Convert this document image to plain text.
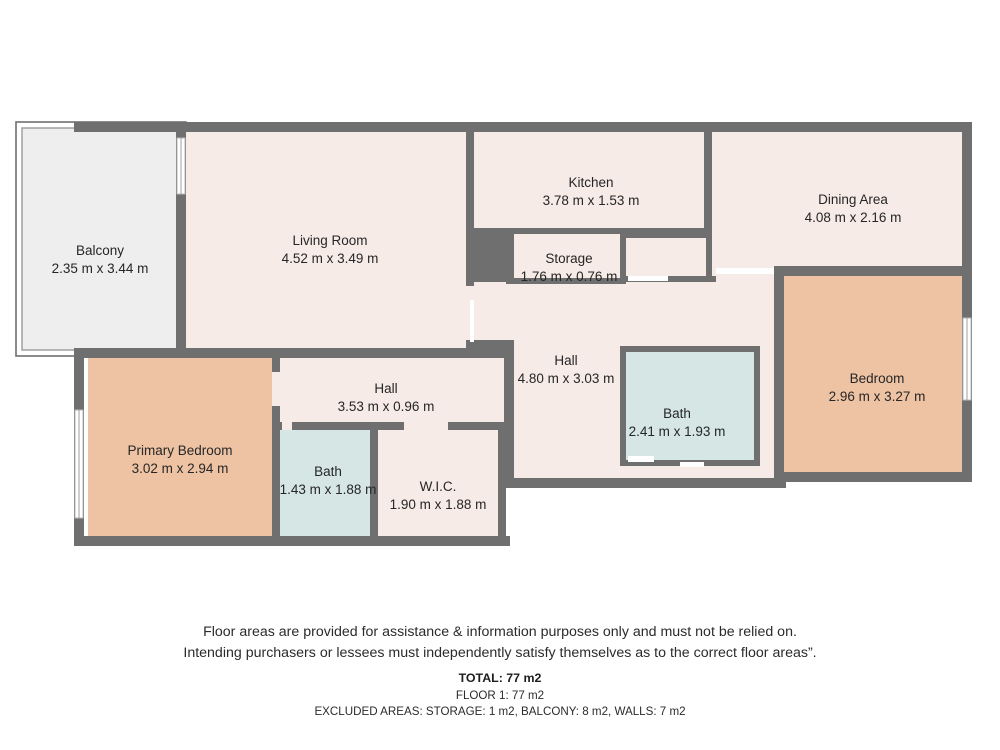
Balcony
2.35 m x 3.44 m
Living Room
4.52 m x 3.49 m
Kitchen
3.78 m x 1.53 m	Dining Area
4.08 m x 2.16 m
Storage
1.76 m x 0.76 m
Hall
4.80 m x 3.03 m	Bedroom
2.96 m x 3.27 m
Bath
2.41 m x 1.93 m
Hall
3.53 m x 0.96 m
Primary Bedroom
3.02 m x 2.94 m	Bath
1.43 m x 1.88 m	W.I.C.
1.90 m x 1.88 m
Floor areas are provided for assistance & information purposes only and must not be relied on.
Intending purchasers or lessees must independently satisfy themselves as to the correct floor areas”.
TOTAL: 77 m2
FLOOR 1: 77 m2
EXCLUDED AREAS: STORAGE: 1 m2, BALCONY: 8 m2, WALLS: 7 m2
